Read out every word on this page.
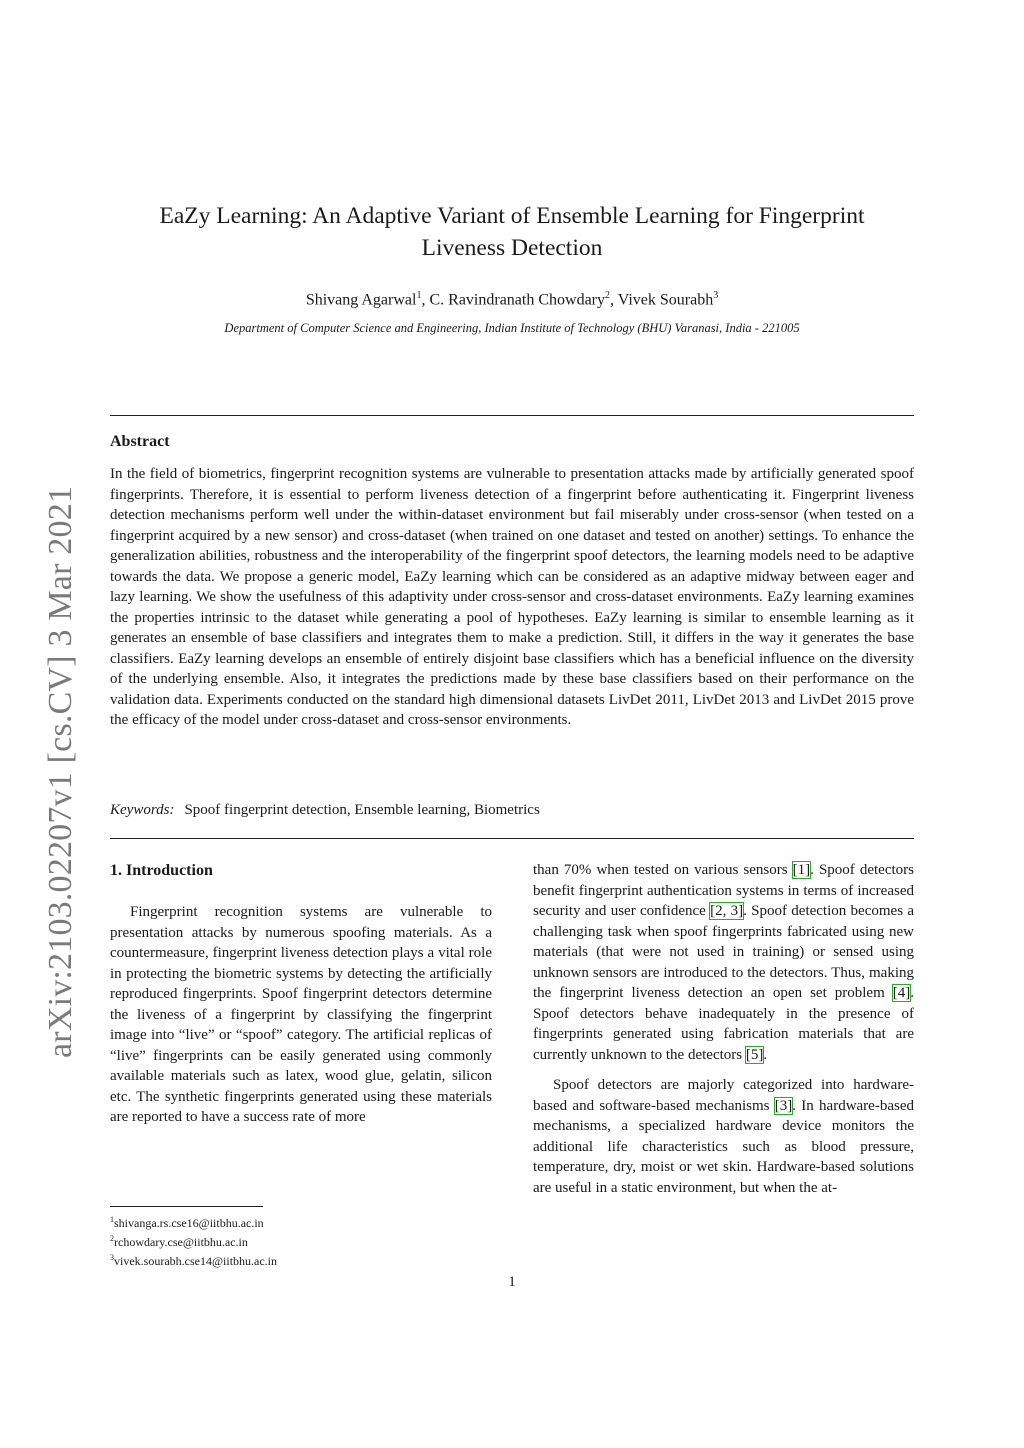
arXiv:2103.02207v1 [cs.CV] 3 Mar 2021
EaZy Learning: An Adaptive Variant of Ensemble Learning for Fingerprint
Liveness Detection
Shivang Agarwal$^1$, C. Ravindranath Chowdary$^2$, Vivek Sourabh$^3$
Department of Computer Science and Engineering, Indian Institute of Technology (BHU) Varanasi, India - 221005
Abstract
In the field of biometrics, fingerprint recognition systems are vulnerable to presentation attacks made by artificially generated spoof fingerprints. Therefore, it is essential to perform liveness detection of a fingerprint before authenticating it. Fingerprint liveness detection mechanisms perform well under the within-dataset environment but fail miserably under cross-sensor (when tested on a fingerprint acquired by a new sensor) and cross-dataset (when trained on one dataset and tested on another) settings. To enhance the generalization abilities, robustness and the interoperability of the fingerprint spoof detectors, the learning models need to be adaptive towards the data. We propose a generic model, EaZy learning which can be considered as an adaptive midway between eager and lazy learning. We show the usefulness of this adaptivity under cross-sensor and cross-dataset environments. EaZy learning examines the properties intrinsic to the dataset while generating a pool of hypotheses. EaZy learning is similar to ensemble learning as it generates an ensemble of base classifiers and integrates them to make a prediction. Still, it differs in the way it generates the base classifiers. EaZy learning develops an ensemble of entirely disjoint base classifiers which has a beneficial influence on the diversity of the underlying ensemble. Also, it integrates the predictions made by these base classifiers based on their performance on the validation data. Experiments conducted on the standard high dimensional datasets LivDet 2011, LivDet 2013 and LivDet 2015 prove the efficacy of the model under cross-dataset and cross-sensor environments.
Keywords: Spoof fingerprint detection, Ensemble learning, Biometrics
1. Introduction

Fingerprint recognition systems are vulnerable to presentation attacks by numerous spoofing materials. As a countermeasure, fingerprint liveness detection plays a vital role in protecting the biometric systems by detecting the artificially reproduced fingerprints. Spoof fingerprint detectors determine the liveness of a fingerprint by classifying the fingerprint image into “live” or “spoof” category. The artificial replicas of “live” fingerprints can be easily generated using commonly available materials such as latex, wood glue, gelatin, silicon etc. The synthetic fingerprints generated using these materials are reported to have a success rate of more

than 70% when tested on various sensors [1]. Spoof detectors benefit fingerprint authentication systems in terms of increased security and user confidence [2, 3]. Spoof detection becomes a challenging task when spoof fingerprints fabricated using new materials (that were not used in training) or sensed using unknown sensors are introduced to the detectors. Thus, making the fingerprint liveness detection an open set problem [4]. Spoof detectors behave inadequately in the presence of fingerprints generated using fabrication materials that are currently unknown to the detectors [5].

Spoof detectors are majorly categorized into hardware-based and software-based mechanisms [3]. In hardware-based mechanisms, a specialized hardware device monitors the additional life characteristics such as blood pressure, temperature, dry, moist or wet skin. Hardware-based solutions are useful in a static environment, but when the at-

$^1$shivanga.rs.cse16@iitbhu.ac.in
$^2$rchowdary.cse@iitbhu.ac.in
$^3$vivek.sourabh.cse14@iitbhu.ac.in
1
